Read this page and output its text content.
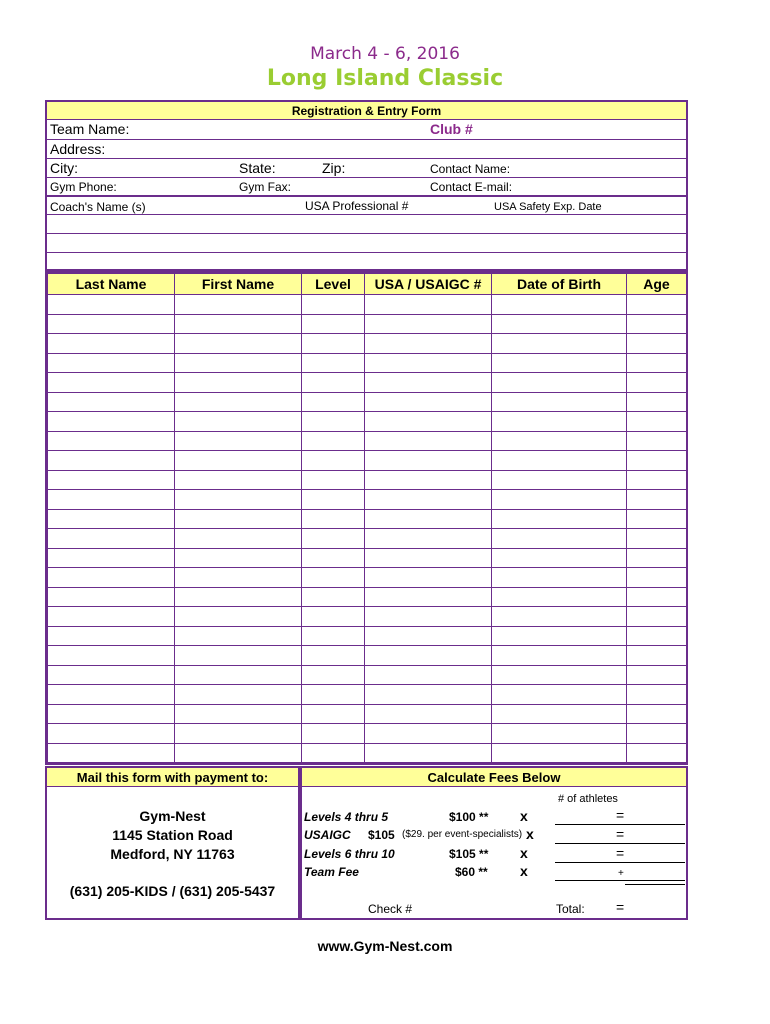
March 4 - 6, 2016
Long Island Classic
Registration & Entry Form
Team Name:	Club #
Address:
City:	State:	Zip:	Contact Name:
Gym Phone:	Gym Fax:	Contact E-mail:
Coach's Name (s)	USA Professional #	USA Safety Exp. Date
Last Name	First Name	Level	USA / USAIGC #	Date of Birth	Age

Mail this form with payment to:
Gym-Nest
1145 Station Road
Medford, NY 11763
(631) 205-KIDS / (631) 205-5437
Calculate Fees Below
# of athletes
Levels 4 thru 5	$100 ** x	=
USAIGC $105 ($29. per event-specialists) x	=
Levels 6 thru 10	$105 ** x	=
Team Fee	$60 ** x	+
Check #	Total: =
www.Gym-Nest.com
